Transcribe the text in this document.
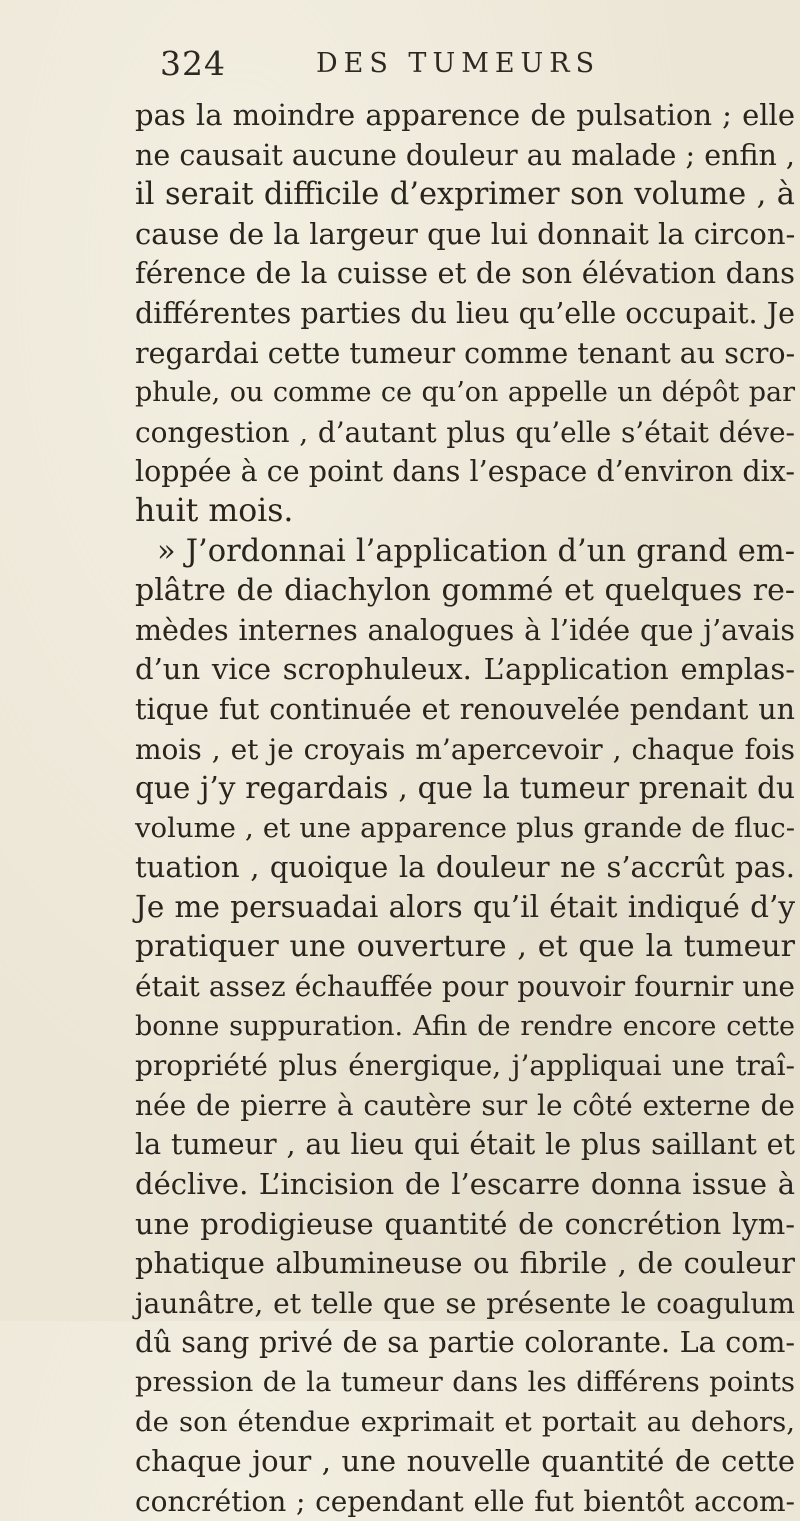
324	DES TUMEURS
pas la moindre apparence de pulsation ; elle
ne causait aucune douleur au malade ; enfin ,
il serait difficile d’exprimer son volume , à
cause de la largeur que lui donnait la circon-
férence de la cuisse et de son élévation dans
différentes parties du lieu qu’elle occupait. Je
regardai cette tumeur comme tenant au scro-
phule, ou comme ce qu’on appelle un dépôt par
congestion , d’autant plus qu’elle s’était déve-
loppée à ce point dans l’espace d’environ dix-
huit mois.
» J’ordonnai l’application d’un grand em-
plâtre de diachylon gommé et quelques re-
mèdes internes analogues à l’idée que j’avais
d’un vice scrophuleux. L’application emplas-
tique fut continuée et renouvelée pendant un
mois , et je croyais m’apercevoir , chaque fois
que j’y regardais , que la tumeur prenait du
volume , et une apparence plus grande de fluc-
tuation , quoique la douleur ne s’accrût pas.
Je me persuadai alors qu’il était indiqué d’y
pratiquer une ouverture , et que la tumeur
était assez échauffée pour pouvoir fournir une
bonne suppuration. Afin de rendre encore cette
propriété plus énergique, j’appliquai une traî-
née de pierre à cautère sur le côté externe de
la tumeur , au lieu qui était le plus saillant et
déclive. L’incision de l’escarre donna issue à
une prodigieuse quantité de concrétion lym-
phatique albumineuse ou fibrile , de couleur
jaunâtre, et telle que se présente le coagulum
dû sang privé de sa partie colorante. La com-
pression de la tumeur dans les différens points
de son étendue exprimait et portait au dehors,
chaque jour , une nouvelle quantité de cette
concrétion ; cependant elle fut bientôt accom-
